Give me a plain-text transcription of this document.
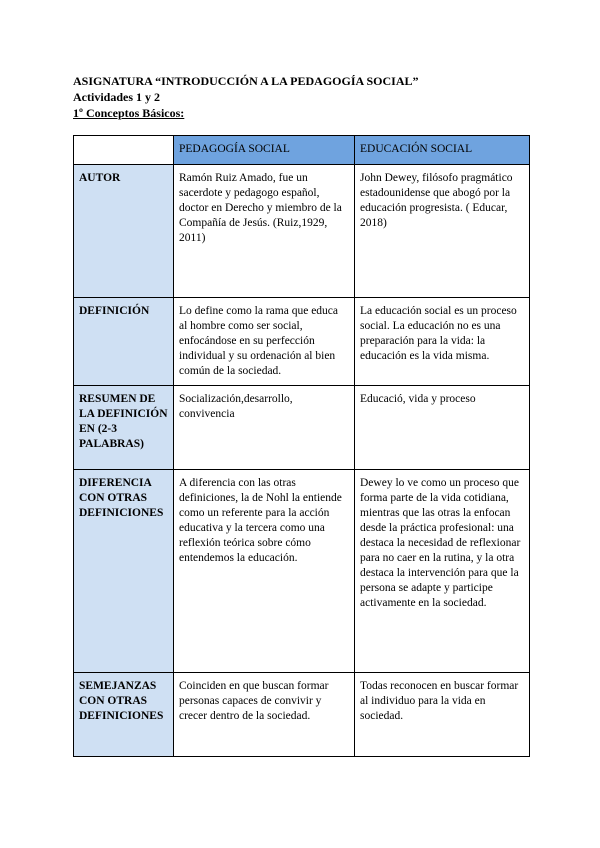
ASIGNATURA “INTRODUCCIÓN A LA PEDAGOGÍA SOCIAL”
Actividades 1 y 2
1º Conceptos Básicos:
	PEDAGOGÍA SOCIAL	EDUCACIÓN SOCIAL
AUTOR	Ramón Ruiz Amado, fue un sacerdote y pedagogo español, doctor en Derecho y miembro de la Compañía de Jesús. (Ruiz,1929, 2011)	John Dewey, filósofo pragmático estadounidense que abogó por la educación progresista. ( Educar, 2018)
DEFINICIÓN	Lo define como la rama que educa al hombre como ser social, enfocándose en su perfección individual y su ordenación al bien común de la sociedad.	La educación social es un proceso social. La educación no es una preparación para la vida: la educación es la vida misma.
RESUMEN DE LA DEFINICIÓN EN (2-3 PALABRAS)	Socialización,desarrollo, convivencia	Educació, vida y proceso
DIFERENCIA CON OTRAS DEFINICIONES	A diferencia con las otras definiciones, la de Nohl la entiende como un referente para la acción educativa y la tercera como una reflexión teórica sobre cómo entendemos la educación.	Dewey lo ve como un proceso que forma parte de la vida cotidiana, mientras que las otras la enfocan desde la práctica profesional: una destaca la necesidad de reflexionar para no caer en la rutina, y la otra destaca la intervención para que la persona se adapte y participe activamente en la sociedad.
SEMEJANZAS CON OTRAS DEFINICIONES	Coinciden en que buscan formar personas capaces de convivir y crecer dentro de la sociedad.	Todas reconocen en buscar formar al individuo para la vida en sociedad.
